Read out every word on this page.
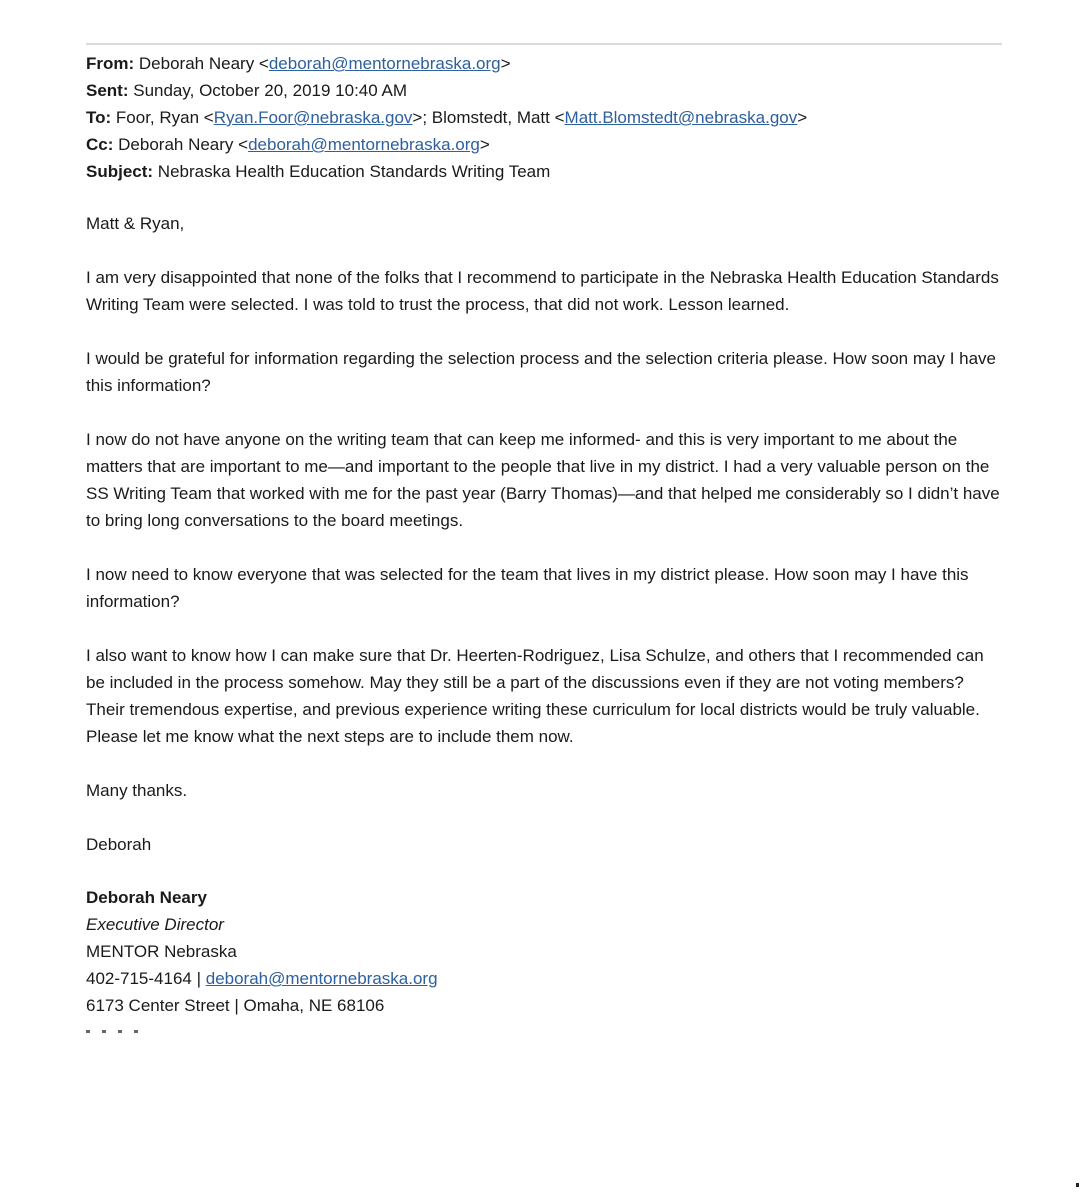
From: Deborah Neary <deborah@mentornebraska.org>
Sent: Sunday, October 20, 2019 10:40 AM
To: Foor, Ryan <Ryan.Foor@nebraska.gov>; Blomstedt, Matt <Matt.Blomstedt@nebraska.gov>
Cc: Deborah Neary <deborah@mentornebraska.org>
Subject: Nebraska Health Education Standards Writing Team

Matt & Ryan,

I am very disappointed that none of the folks that I recommend to participate in the Nebraska Health Education Standards Writing Team were selected. I was told to trust the process, that did not work. Lesson learned.

I would be grateful for information regarding the selection process and the selection criteria please. How soon may I have this information?

I now do not have anyone on the writing team that can keep me informed- and this is very important to me about the matters that are important to me—and important to the people that live in my district. I had a very valuable person on the SS Writing Team that worked with me for the past year (Barry Thomas)—and that helped me considerably so I didn’t have to bring long conversations to the board meetings.

I now need to know everyone that was selected for the team that lives in my district please. How soon may I have this information?

I also want to know how I can make sure that Dr. Heerten-Rodriguez, Lisa Schulze, and others that I recommended can be included in the process somehow. May they still be a part of the discussions even if they are not voting members? Their tremendous expertise, and previous experience writing these curriculum for local districts would be truly valuable. Please let me know what the next steps are to include them now.

Many thanks.

Deborah

Deborah Neary
Executive Director
MENTOR Nebraska
402-715-4164 | deborah@mentornebraska.org
6173 Center Street | Omaha, NE 68106
